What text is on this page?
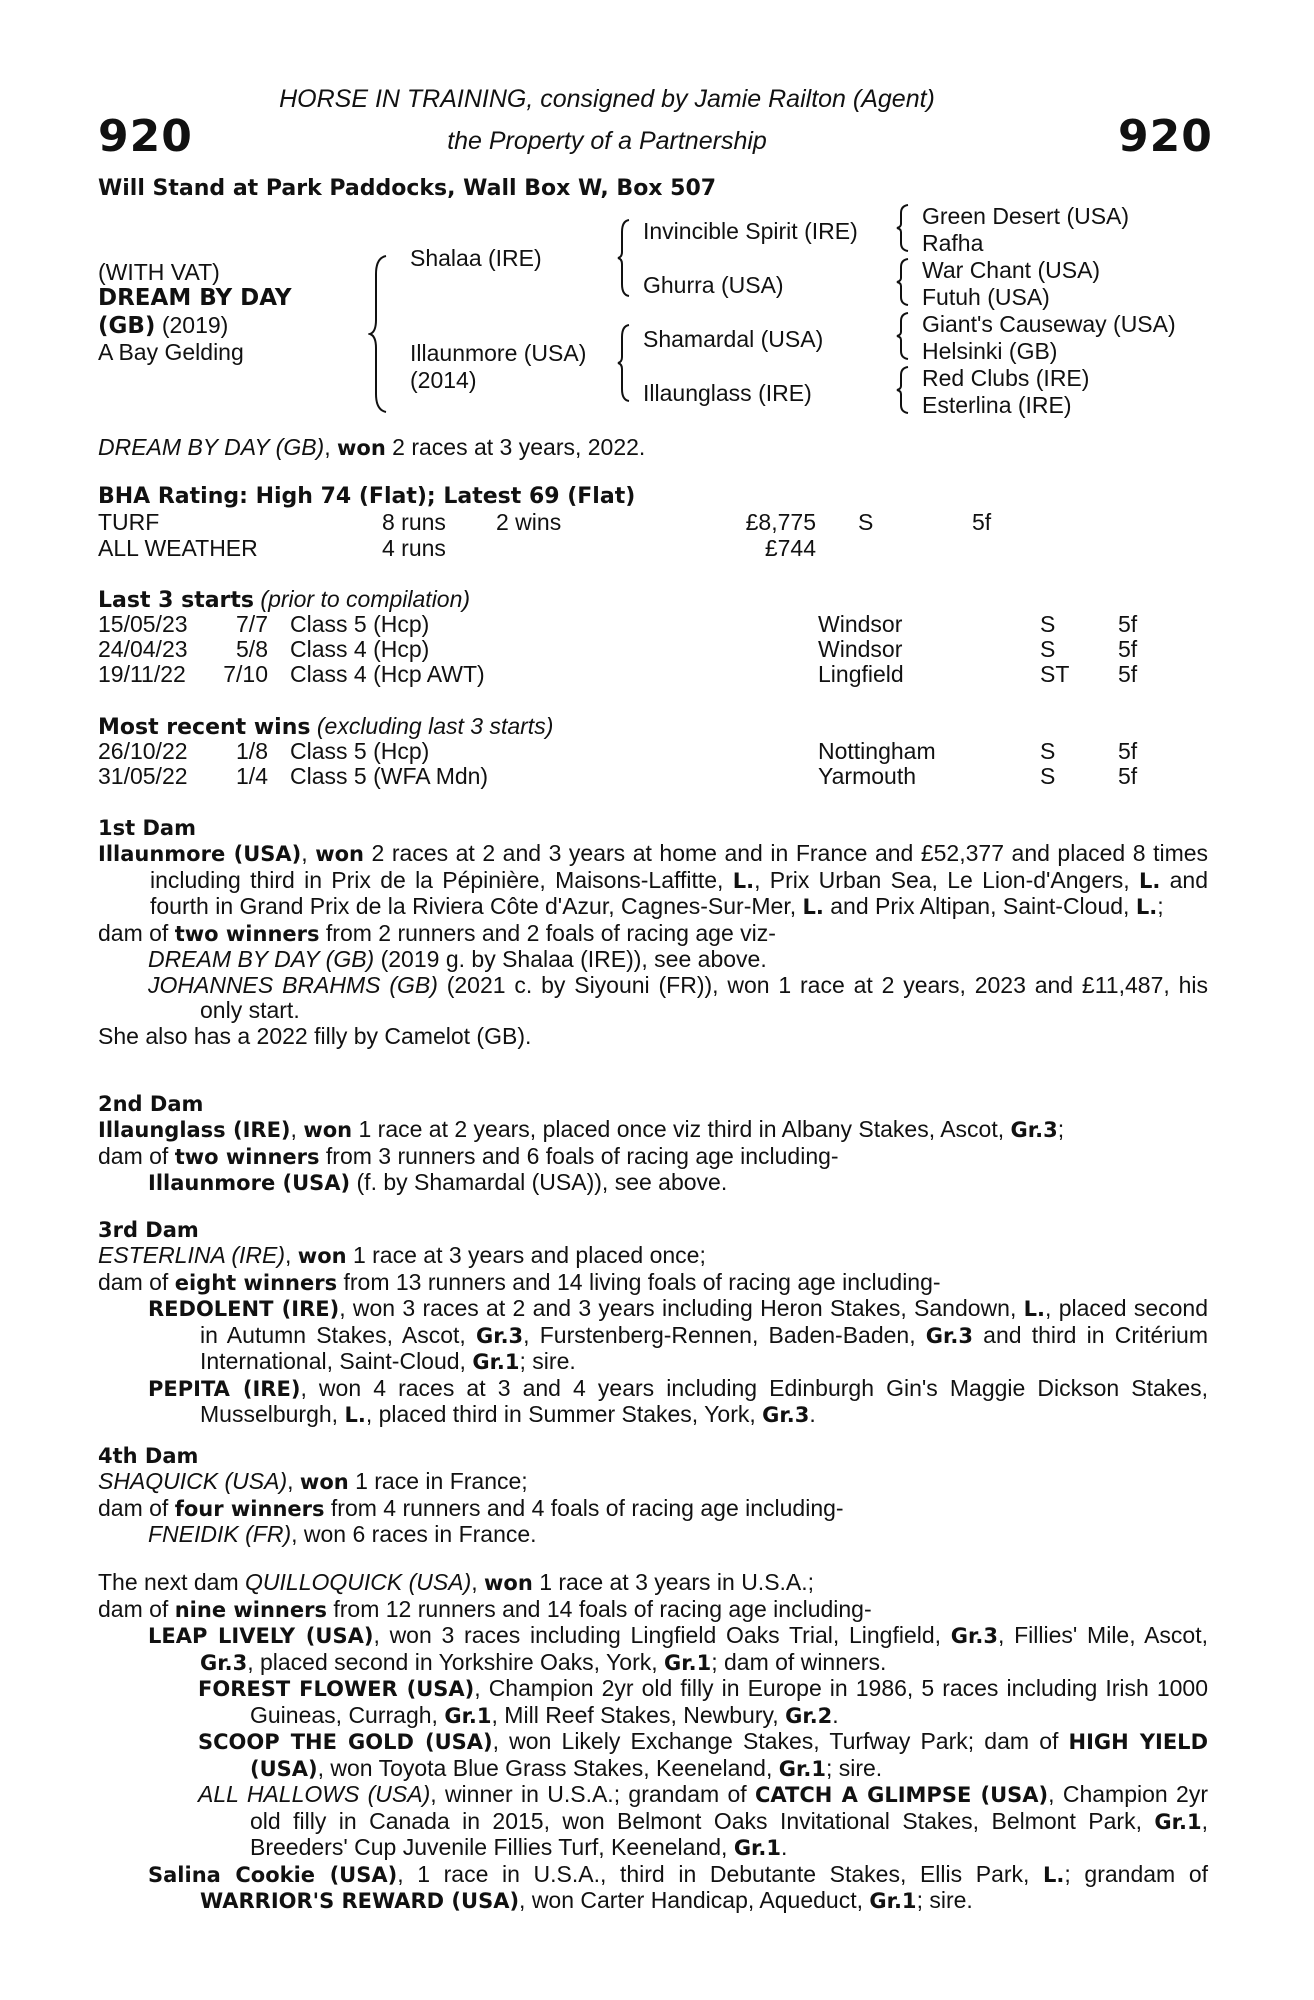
920	920
HORSE IN TRAINING, consigned by Jamie Railton (Agent)
the Property of a Partnership
Will Stand at Park Paddocks, Wall Box W, Box 507
(WITH VAT)
DREAM BY DAY
(GB) (2019)
A Bay Gelding
Shalaa (IRE)
Illaunmore (USA)
(2014)
Invincible Spirit (IRE)
Ghurra (USA)
Shamardal (USA)
Illaunglass (IRE)
Green Desert (USA)
Rafha
War Chant (USA)
Futuh (USA)
Giant's Causeway (USA)
Helsinki (GB)
Red Clubs (IRE)
Esterlina (IRE)
DREAM BY DAY (GB), won 2 races at 3 years, 2022.
BHA Rating: High 74 (Flat); Latest 69 (Flat)
TURF	8 runs 2 wins	£8,775 S	5f
ALL WEATHER	4 runs	£744
Last 3 starts (prior to compilation)
15/05/23	7/7 Class 5 (Hcp)	Windsor	S	5f
24/04/23	5/8 Class 4 (Hcp)	Windsor	S	5f
19/11/22	7/10 Class 4 (Hcp AWT)	Lingfield	ST 5f
Most recent wins (excluding last 3 starts)
26/10/22	1/8 Class 5 (Hcp)	Nottingham	S	5f
31/05/22	1/4 Class 5 (WFA Mdn)	Yarmouth	S	5f
1st Dam

Illaunmore (USA), won 2 races at 2 and 3 years at home and in France and £52,377 and placed 8 times including third in Prix de la Pépinière, Maisons-Laffitte, L., Prix Urban Sea, Le Lion-d'Angers, L. and fourth in Grand Prix de la Riviera Côte d'Azur, Cagnes-Sur-Mer, L. and Prix Altipan, Saint-Cloud, L.;

dam of two winners from 2 runners and 2 foals of racing age viz-

DREAM BY DAY (GB) (2019 g. by Shalaa (IRE)), see above.

JOHANNES BRAHMS (GB) (2021 c. by Siyouni (FR)), won 1 race at 2 years, 2023 and £11,487, his only start.

She also has a 2022 filly by Camelot (GB).

2nd Dam

Illaunglass (IRE), won 1 race at 2 years, placed once viz third in Albany Stakes, Ascot, Gr.3;

dam of two winners from 3 runners and 6 foals of racing age including-

Illaunmore (USA) (f. by Shamardal (USA)), see above.

3rd Dam

ESTERLINA (IRE), won 1 race at 3 years and placed once;

dam of eight winners from 13 runners and 14 living foals of racing age including-

REDOLENT (IRE), won 3 races at 2 and 3 years including Heron Stakes, Sandown, L., placed second in Autumn Stakes, Ascot, Gr.3, Furstenberg-Rennen, Baden-Baden, Gr.3 and third in Critérium International, Saint-Cloud, Gr.1; sire.

PEPITA (IRE), won 4 races at 3 and 4 years including Edinburgh Gin's Maggie Dickson Stakes, Musselburgh, L., placed third in Summer Stakes, York, Gr.3.

4th Dam

SHAQUICK (USA), won 1 race in France;

dam of four winners from 4 runners and 4 foals of racing age including-

FNEIDIK (FR), won 6 races in France.

The next dam QUILLOQUICK (USA), won 1 race at 3 years in U.S.A.;

dam of nine winners from 12 runners and 14 foals of racing age including-

LEAP LIVELY (USA), won 3 races including Lingfield Oaks Trial, Lingfield, Gr.3, Fillies' Mile, Ascot, Gr.3, placed second in Yorkshire Oaks, York, Gr.1; dam of winners.

FOREST FLOWER (USA), Champion 2yr old filly in Europe in 1986, 5 races including Irish 1000 Guineas, Curragh, Gr.1, Mill Reef Stakes, Newbury, Gr.2.

SCOOP THE GOLD (USA), won Likely Exchange Stakes, Turfway Park; dam of HIGH YIELD (USA), won Toyota Blue Grass Stakes, Keeneland, Gr.1; sire.

ALL HALLOWS (USA), winner in U.S.A.; grandam of CATCH A GLIMPSE (USA), Champion 2yr old filly in Canada in 2015, won Belmont Oaks Invitational Stakes, Belmont Park, Gr.1, Breeders' Cup Juvenile Fillies Turf, Keeneland, Gr.1.

Salina Cookie (USA), 1 race in U.S.A., third in Debutante Stakes, Ellis Park, L.; grandam of WARRIOR'S REWARD (USA), won Carter Handicap, Aqueduct, Gr.1; sire.
